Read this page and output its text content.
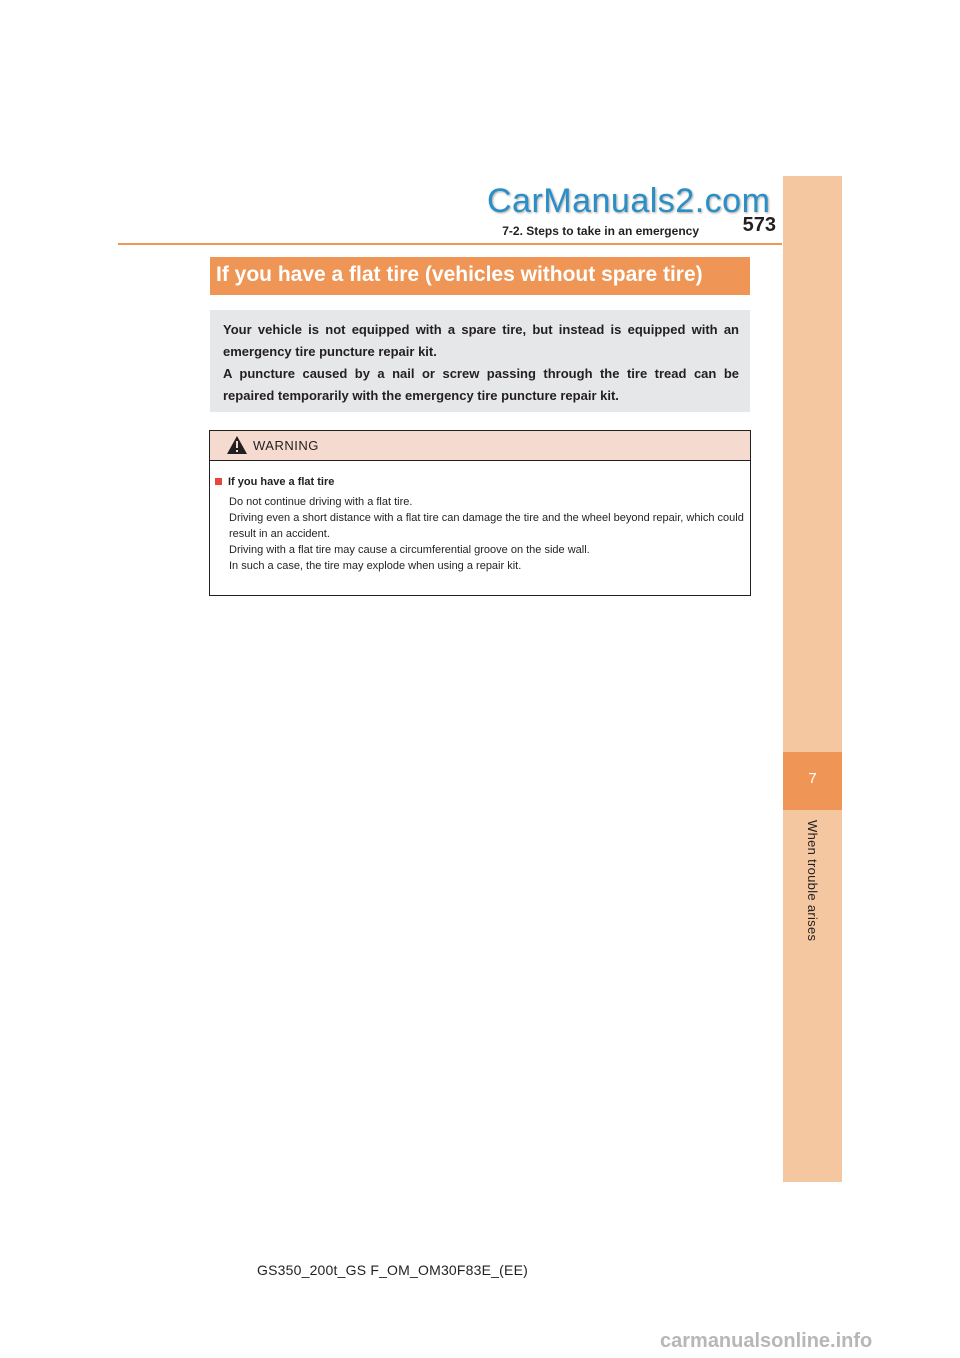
7
When trouble arises
CarManuals2.com
7-2. Steps to take in an emergency	573
If you have a flat tire (vehicles without spare tire)
Your vehicle is not equipped with a spare tire, but instead is equipped with an emergency tire puncture repair kit.
A puncture caused by a nail or screw passing through the tire tread can be repaired temporarily with the emergency tire puncture repair kit.
WARNING
If you have a flat tire

Do not continue driving with a flat tire.

Driving even a short distance with a flat tire can damage the tire and the wheel beyond repair, which could result in an accident.

Driving with a flat tire may cause a circumferential groove on the side wall.

In such a case, the tire may explode when using a repair kit.

GS350_200t_GS F_OM_OM30F83E_(EE)
carmanualsonline.info
